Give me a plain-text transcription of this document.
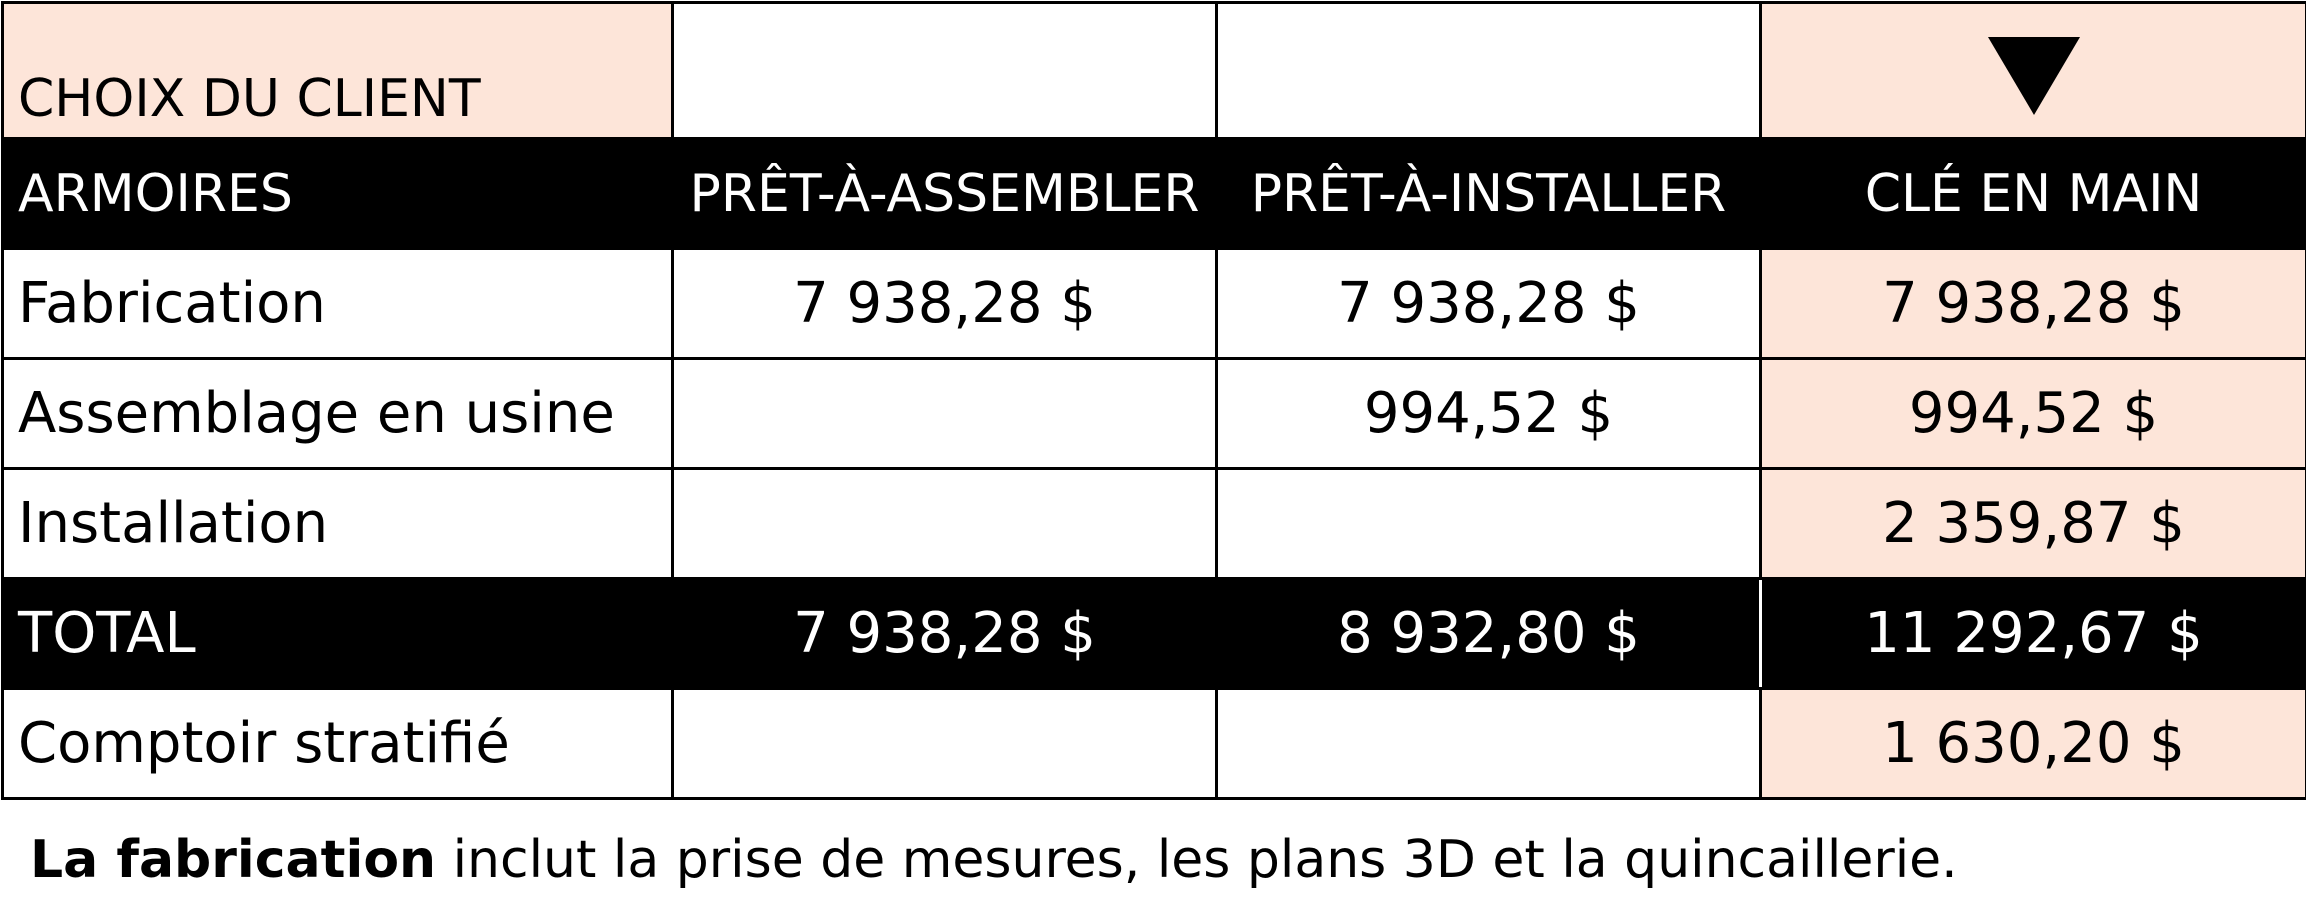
CHOIX DU CLIENT			
ARMOIRES	PRÊT-À-ASSEMBLER	PRÊT-À-INSTALLER	CLÉ EN MAIN
Fabrication	7 938,28 $	7 938,28 $	7 938,28 $
Assemblage en usine		994,52 $	994,52 $
Installation			2 359,87 $
TOTAL	7 938,28 $	8 932,80 $	11 292,67 $
Comptoir stratifié			1 630,20 $

La fabrication inclut la prise de mesures, les plans 3D et la quincaillerie.
